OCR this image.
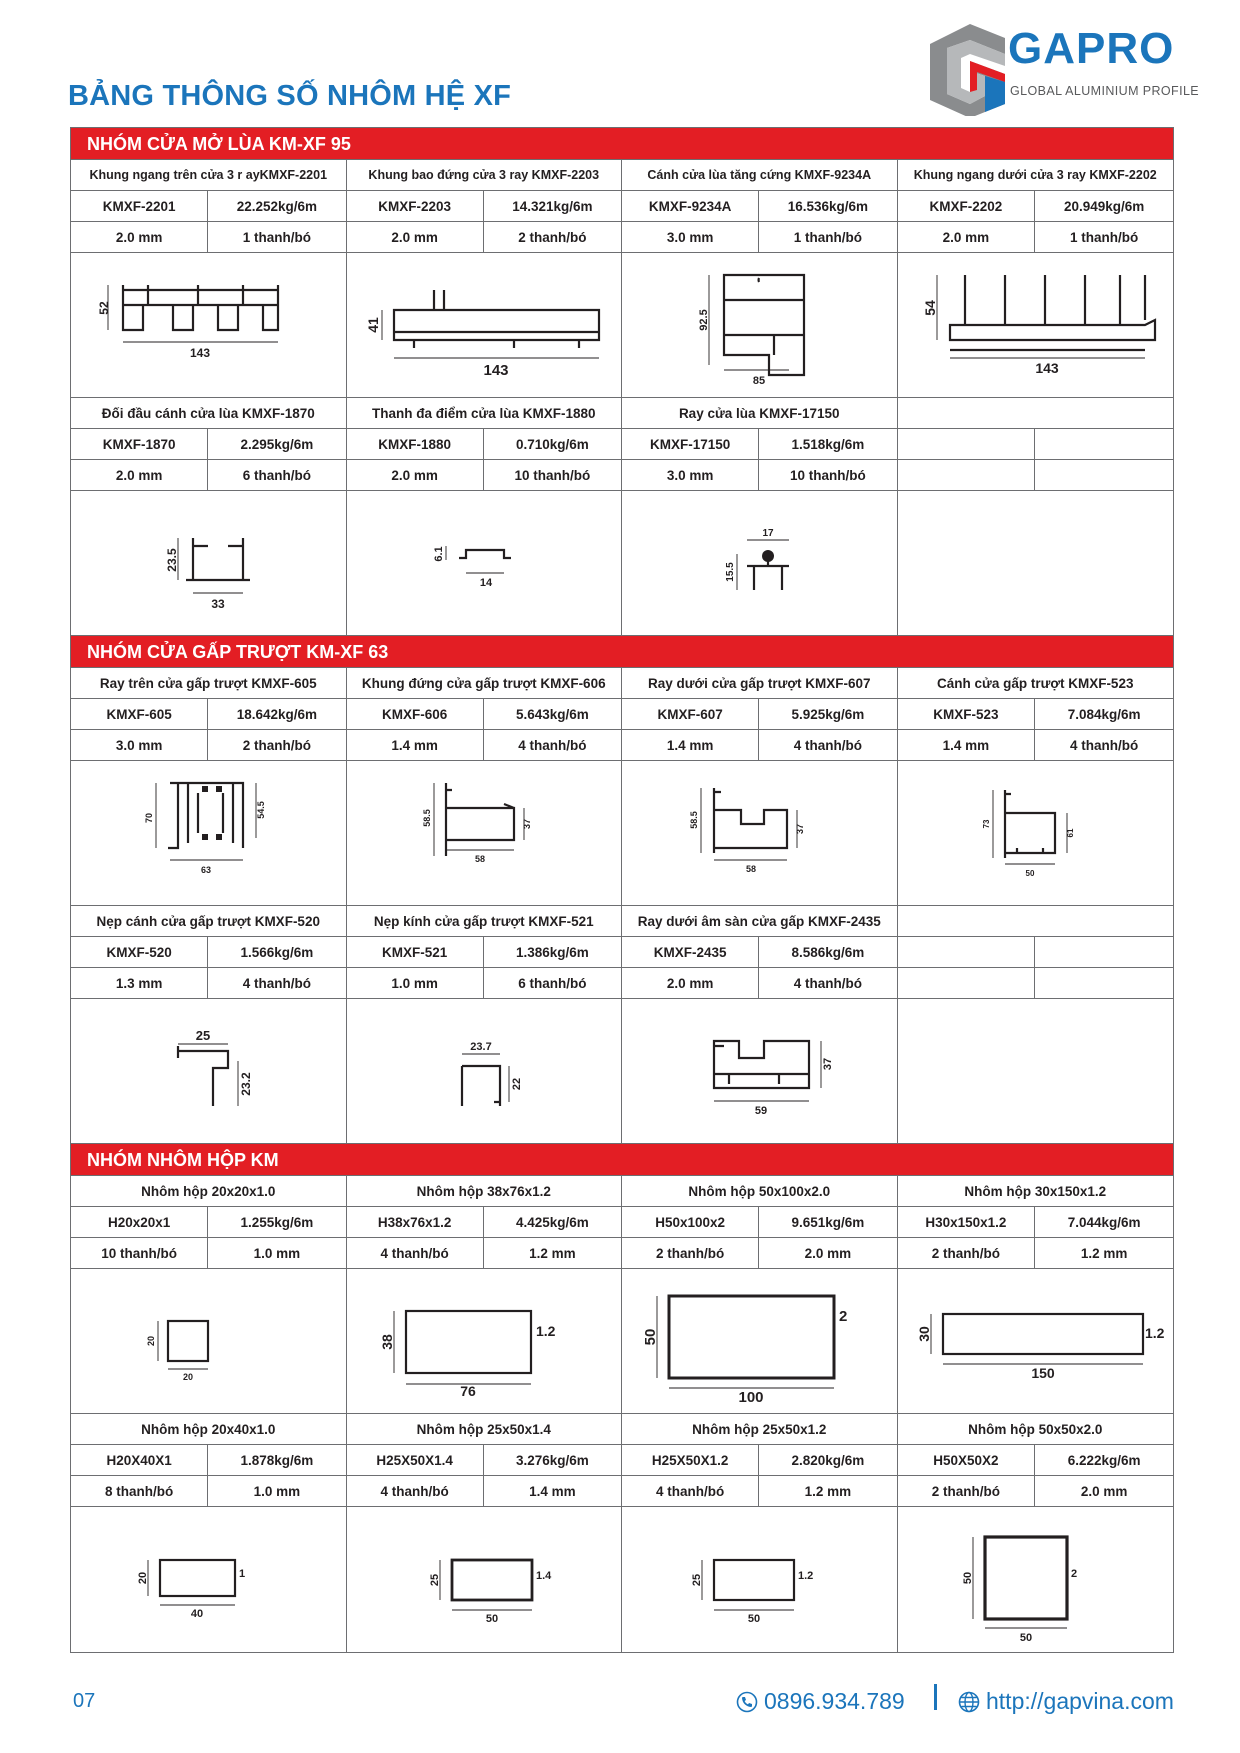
BẢNG THÔNG SỐ NHÔM HỆ XF
GAPRO
GLOBAL ALUMINIUM PROFILE
NHÓM CỬA MỞ LÙA KM-XF 95
Khung ngang trên cửa 3 r ayKMXF-2201	Khung bao đứng cửa 3 ray KMXF-2203	Cánh cửa lùa tăng cứng KMXF-9234A	Khung ngang dưới cửa 3 ray KMXF-2202
KMXF-2201	22.252kg/6m	KMXF-2203	14.321kg/6m	KMXF-9234A	16.536kg/6m	KMXF-2202	20.949kg/6m
2.0 mm	1 thanh/bó	2.0 mm	2 thanh/bó	3.0 mm	1 thanh/bó	2.0 mm	1 thanh/bó
52
143
41
143
92.5
85
54
143
Đối đầu cánh cửa lùa KMXF-1870	Thanh đa điểm cửa lùa KMXF-1880	Ray cửa lùa KMXF-17150
KMXF-1870	2.295kg/6m	KMXF-1880	0.710kg/6m	KMXF-17150	1.518kg/6m
2.0 mm	6 thanh/bó	2.0 mm	10 thanh/bó	3.0 mm	10 thanh/bó
23.5
33
6.1
14
15.5
17
NHÓM CỬA GẤP TRƯỢT KM-XF 63
Ray trên cửa gấp trượt KMXF-605	Khung đứng cửa gấp trượt KMXF-606	Ray dưới cửa gấp trượt KMXF-607	Cánh cửa gấp trượt KMXF-523
KMXF-605	18.642kg/6m	KMXF-606	5.643kg/6m	KMXF-607	5.925kg/6m	KMXF-523	7.084kg/6m
3.0 mm	2 thanh/bó	1.4 mm	4 thanh/bó	1.4 mm	4 thanh/bó	1.4 mm	4 thanh/bó
70
63
54.5	58.5
58
37	58.5
58
37	73
50
61
Nẹp cánh cửa gấp trượt KMXF-520	Nẹp kính cửa gấp trượt KMXF-521	Ray dưới âm sàn cửa gấp KMXF-2435
KMXF-520	1.566kg/6m	KMXF-521	1.386kg/6m	KMXF-2435	8.586kg/6m
1.3 mm	4 thanh/bó	1.0 mm	6 thanh/bó	2.0 mm	4 thanh/bó
25
23.2
23.7
22
59
37
NHÓM NHÔM HỘP KM
Nhôm hộp 20x20x1.0	Nhôm hộp 38x76x1.2	Nhôm hộp 50x100x2.0	Nhôm hộp 30x150x1.2
H20x20x1	1.255kg/6m	H38x76x1.2	4.425kg/6m	H50x100x2	9.651kg/6m	H30x150x1.2	7.044kg/6m
10 thanh/bó	1.0 mm	4 thanh/bó	1.2 mm	2 thanh/bó	2.0 mm	2 thanh/bó	1.2 mm
20
20
38
76
1.2	50
100
2
30
150
1.2
Nhôm hộp 20x40x1.0	Nhôm hộp 25x50x1.4	Nhôm hộp 25x50x1.2	Nhôm hộp 50x50x2.0
H20X40X1	1.878kg/6m	H25X50X1.4	3.276kg/6m	H25X50X1.2	2.820kg/6m	H50X50X2	6.222kg/6m
8 thanh/bó	1.0 mm	4 thanh/bó	1.4 mm	4 thanh/bó	1.2 mm	2 thanh/bó	2.0 mm
20
40
1	25
50
1.4	25
50
1.2	50
50
2
07	0896.934.789	http://gapvina.com
